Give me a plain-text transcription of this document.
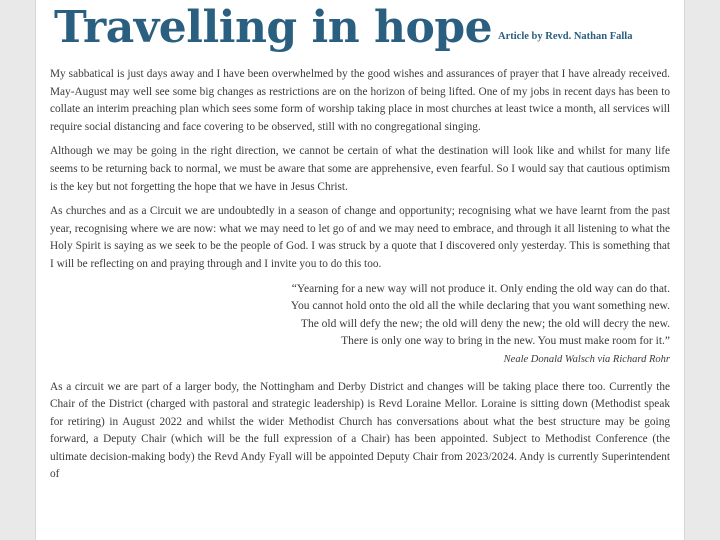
Travelling in hope Article by Revd. Nathan Falla

My sabbatical is just days away and I have been overwhelmed by the good wishes and assurances of prayer that I have already received. May-August may well see some big changes as restrictions are on the horizon of being lifted. One of my jobs in recent days has been to collate an interim preaching plan which sees some form of worship taking place in most churches at least twice a month, all services will require social distancing and face covering to be observed, still with no congregational singing.

Although we may be going in the right direction, we cannot be certain of what the destination will look like and whilst for many life seems to be returning back to normal, we must be aware that some are apprehensive, even fearful. So I would say that cautious optimism is the key but not forgetting the hope that we have in Jesus Christ.

As churches and as a Circuit we are undoubtedly in a season of change and opportunity; recognising what we have learnt from the past year, recognising where we are now: what we may need to let go of and we may need to embrace, and through it all listening to what the Holy Spirit is saying as we seek to be the people of God. I was struck by a quote that I discovered only yesterday. This is something that I will be reflecting on and praying through and I invite you to do this too.

“Yearning for a new way will not produce it. Only ending the old way can do that.
You cannot hold onto the old all the while declaring that you want something new.
The old will defy the new; the old will deny the new; the old will decry the new.
There is only one way to bring in the new. You must make room for it.”
Neale Donald Walsch via Richard Rohr

As a circuit we are part of a larger body, the Nottingham and Derby District and changes will be taking place there too. Currently the Chair of the District (charged with pastoral and strategic leadership) is Revd Loraine Mellor. Loraine is sitting down (Methodist speak for retiring) in August 2022 and whilst the wider Methodist Church has conversations about what the best structure may be going forward, a Deputy Chair (which will be the full expression of a Chair) has been appointed. Subject to Methodist Conference (the ultimate decision-making body) the Revd Andy Fyall will be appointed Deputy Chair from 2023/2024. Andy is currently Superintendent of
